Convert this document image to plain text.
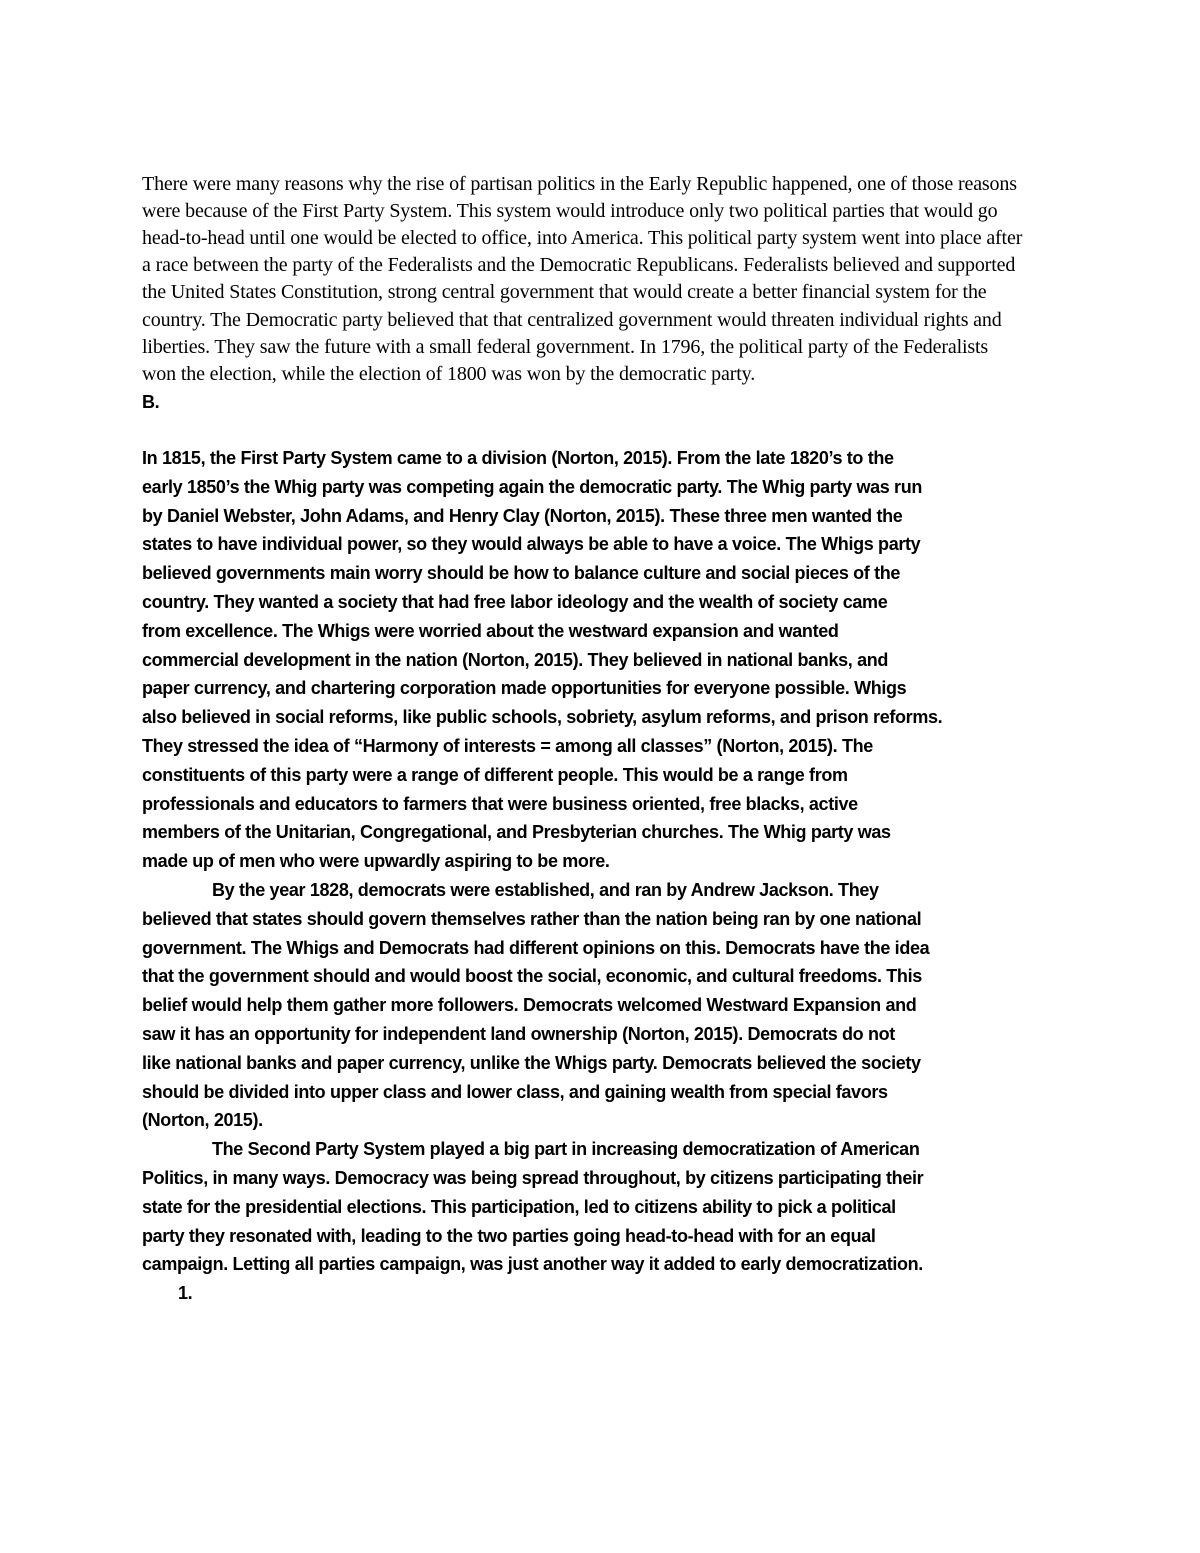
There were many reasons why the rise of partisan politics in the Early Republic happened, one of those reasons
were because of the First Party System. This system would introduce only two political parties that would go
head-to-head until one would be elected to office, into America. This political party system went into place after
a race between the party of the Federalists and the Democratic Republicans. Federalists believed and supported
the United States Constitution, strong central government that would create a better financial system for the
country. The Democratic party believed that that centralized government would threaten individual rights and
liberties. They saw the future with a small federal government. In 1796, the political party of the Federalists
won the election, while the election of 1800 was won by the democratic party.
B.
In 1815, the First Party System came to a division (Norton, 2015). From the late 1820’s to the
early 1850’s the Whig party was competing again the democratic party. The Whig party was run
by Daniel Webster, John Adams, and Henry Clay (Norton, 2015). These three men wanted the
states to have individual power, so they would always be able to have a voice. The Whigs party
believed governments main worry should be how to balance culture and social pieces of the
country. They wanted a society that had free labor ideology and the wealth of society came
from excellence. The Whigs were worried about the westward expansion and wanted
commercial development in the nation (Norton, 2015). They believed in national banks, and
paper currency, and chartering corporation made opportunities for everyone possible. Whigs
also believed in social reforms, like public schools, sobriety, asylum reforms, and prison reforms.
They stressed the idea of “Harmony of interests = among all classes” (Norton, 2015). The
constituents of this party were a range of different people. This would be a range from
professionals and educators to farmers that were business oriented, free blacks, active
members of the Unitarian, Congregational, and Presbyterian churches. The Whig party was
made up of men who were upwardly aspiring to be more.
By the year 1828, democrats were established, and ran by Andrew Jackson. They
believed that states should govern themselves rather than the nation being ran by one national
government. The Whigs and Democrats had different opinions on this. Democrats have the idea
that the government should and would boost the social, economic, and cultural freedoms. This
belief would help them gather more followers. Democrats welcomed Westward Expansion and
saw it has an opportunity for independent land ownership (Norton, 2015). Democrats do not
like national banks and paper currency, unlike the Whigs party. Democrats believed the society
should be divided into upper class and lower class, and gaining wealth from special favors
(Norton, 2015).
The Second Party System played a big part in increasing democratization of American
Politics, in many ways. Democracy was being spread throughout, by citizens participating their
state for the presidential elections. This participation, led to citizens ability to pick a political
party they resonated with, leading to the two parties going head-to-head with for an equal
campaign. Letting all parties campaign, was just another way it added to early democratization.
1.
